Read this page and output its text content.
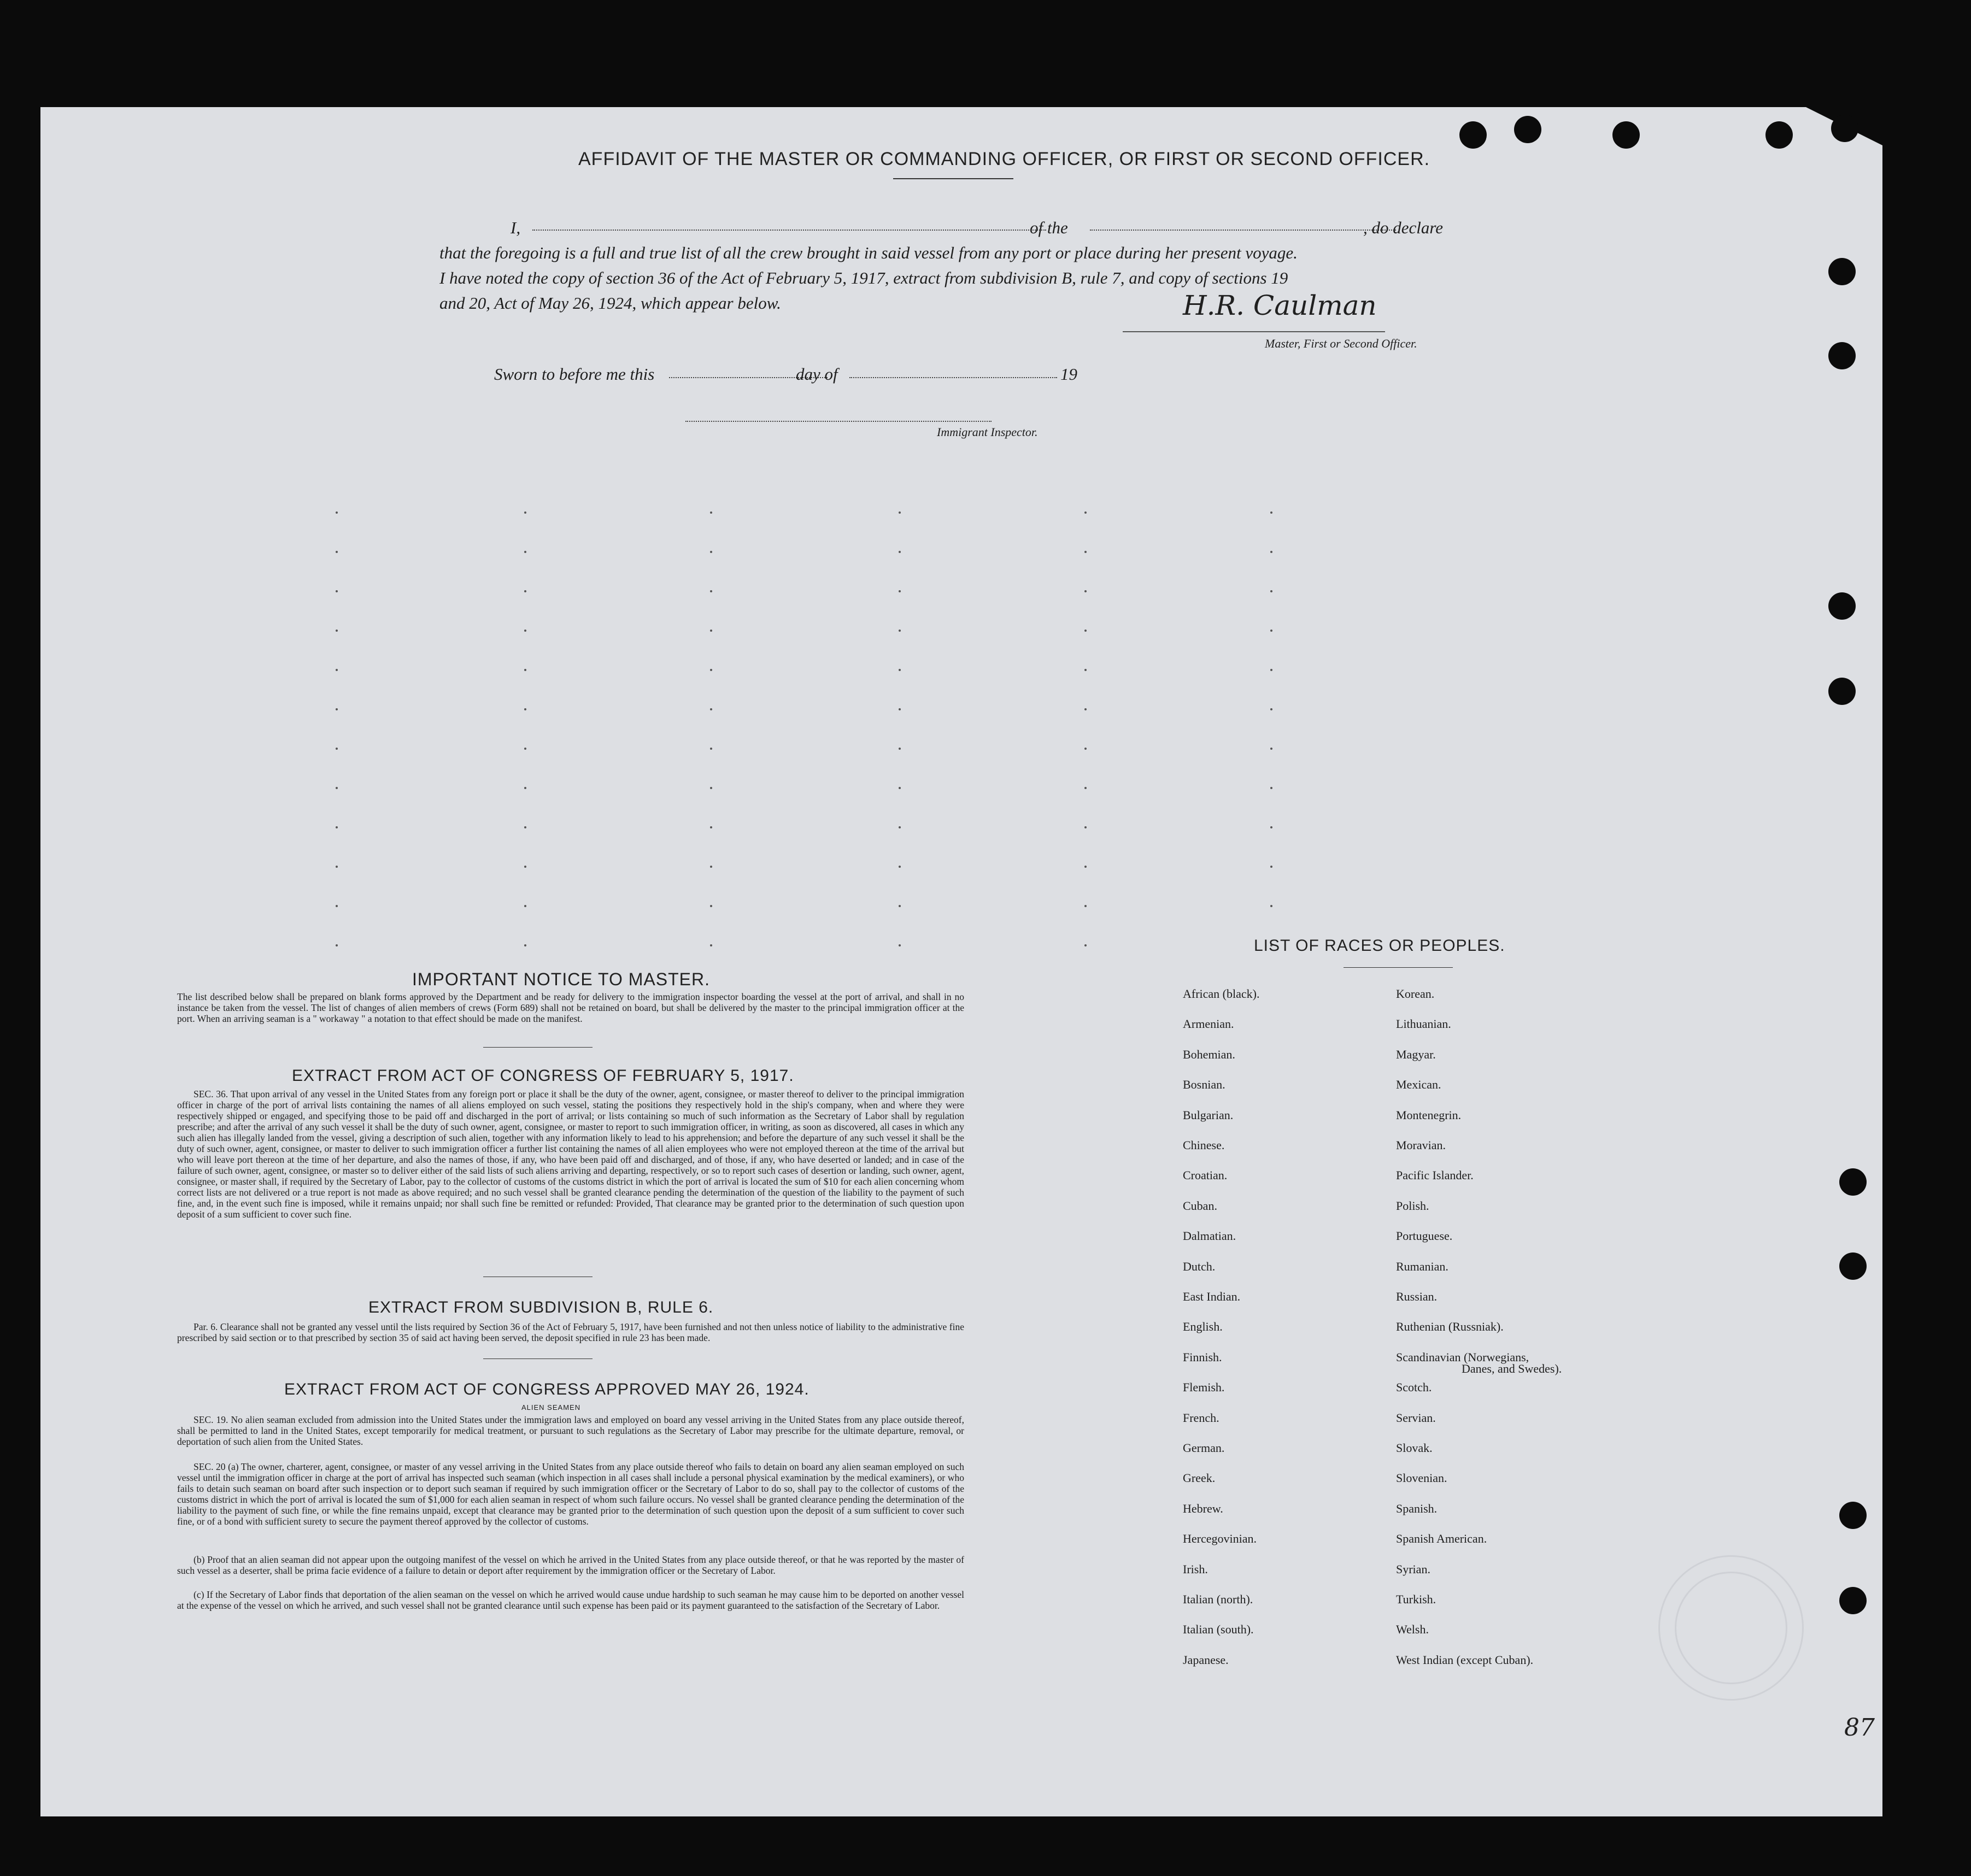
AFFIDAVIT OF THE MASTER OR COMMANDING OFFICER, OR FIRST OR SECOND OFFICER.
I,	of the	, do declare
that the foregoing is a full and true list of all the crew brought in said vessel from any port or place during her present voyage.
I have noted the copy of section 36 of the Act of February 5, 1917, extract from subdivision B, rule 7, and copy of sections 19
and 20, Act of May 26, 1924, which appear below.	H.R. Caulman
Master, First or Second Officer.
Sworn to before me this	day of	19
Immigrant Inspector.
IMPORTANT NOTICE TO MASTER.
The list described below shall be prepared on blank forms approved by the Department and be ready for delivery to the immigration inspector boarding the vessel at the port of arrival, and shall in no instance be taken from the vessel. The list of changes of alien members of crews (Form 689) shall not be retained on board, but shall be delivered by the master to the principal immigration officer at the port. When an arriving seaman is a " workaway " a notation to that effect should be made on the manifest.
EXTRACT FROM ACT OF CONGRESS OF FEBRUARY 5, 1917.
SEC. 36. That upon arrival of any vessel in the United States from any foreign port or place it shall be the duty of the owner, agent, consignee, or master thereof to deliver to the principal immigration officer in charge of the port of arrival lists containing the names of all aliens employed on such vessel, stating the positions they respectively hold in the ship's company, when and where they were respectively shipped or engaged, and specifying those to be paid off and discharged in the port of arrival; or lists containing so much of such information as the Secretary of Labor shall by regulation prescribe; and after the arrival of any such vessel it shall be the duty of such owner, agent, consignee, or master to report to such immigration officer, in writing, as soon as discovered, all cases in which any such alien has illegally landed from the vessel, giving a description of such alien, together with any information likely to lead to his apprehension; and before the departure of any such vessel it shall be the duty of such owner, agent, consignee, or master to deliver to such immigration officer a further list containing the names of all alien employees who were not employed thereon at the time of the arrival but who will leave port thereon at the time of her departure, and also the names of those, if any, who have been paid off and discharged, and of those, if any, who have deserted or landed; and in case of the failure of such owner, agent, consignee, or master so to deliver either of the said lists of such aliens arriving and departing, respectively, or so to report such cases of desertion or landing, such owner, agent, consignee, or master shall, if required by the Secretary of Labor, pay to the collector of customs of the customs district in which the port of arrival is located the sum of $10 for each alien concerning whom correct lists are not delivered or a true report is not made as above required; and no such vessel shall be granted clearance pending the determination of the question of the liability to the payment of such fine, and, in the event such fine is imposed, while it remains unpaid; nor shall such fine be remitted or refunded: Provided, That clearance may be granted prior to the determination of such question upon deposit of a sum sufficient to cover such fine.
EXTRACT FROM SUBDIVISION B, RULE 6.
Par. 6. Clearance shall not be granted any vessel until the lists required by Section 36 of the Act of February 5, 1917, have been furnished and not then unless notice of liability to the administrative fine prescribed by said section or to that prescribed by section 35 of said act having been served, the deposit specified in rule 23 has been made.
EXTRACT FROM ACT OF CONGRESS APPROVED MAY 26, 1924.
ALIEN SEAMEN
SEC. 19. No alien seaman excluded from admission into the United States under the immigration laws and employed on board any vessel arriving in the United States from any place outside thereof, shall be permitted to land in the United States, except temporarily for medical treatment, or pursuant to such regulations as the Secretary of Labor may prescribe for the ultimate departure, removal, or deportation of such alien from the United States.
SEC. 20 (a) The owner, charterer, agent, consignee, or master of any vessel arriving in the United States from any place outside thereof who fails to detain on board any alien seaman employed on such vessel until the immigration officer in charge at the port of arrival has inspected such seaman (which inspection in all cases shall include a personal physical examination by the medical examiners), or who fails to detain such seaman on board after such inspection or to deport such seaman if required by such immigration officer or the Secretary of Labor to do so, shall pay to the collector of customs of the customs district in which the port of arrival is located the sum of $1,000 for each alien seaman in respect of whom such failure occurs. No vessel shall be granted clearance pending the determination of the liability to the payment of such fine, or while the fine remains unpaid, except that clearance may be granted prior to the determination of such question upon the deposit of a sum sufficient to cover such fine, or of a bond with sufficient surety to secure the payment thereof approved by the collector of customs.
(b) Proof that an alien seaman did not appear upon the outgoing manifest of the vessel on which he arrived in the United States from any place outside thereof, or that he was reported by the master of such vessel as a deserter, shall be prima facie evidence of a failure to detain or deport after requirement by the immigration officer or the Secretary of Labor.
(c) If the Secretary of Labor finds that deportation of the alien seaman on the vessel on which he arrived would cause undue hardship to such seaman he may cause him to be deported on another vessel at the expense of the vessel on which he arrived, and such vessel shall not be granted clearance until such expense has been paid or its payment guaranteed to the satisfaction of the Secretary of Labor.
LIST OF RACES OR PEOPLES.
African (black).
Armenian.
Bohemian.
Bosnian.
Bulgarian.
Chinese.
Croatian.
Cuban.
Dalmatian.
Dutch.
East Indian.
English.
Finnish.
Flemish.
French.
German.
Greek.
Hebrew.
Hercegovinian.
Irish.
Italian (north).
Italian (south).
Japanese.
Korean.
Lithuanian.
Magyar.
Mexican.
Montenegrin.
Moravian.
Pacific Islander.
Polish.
Portuguese.
Rumanian.
Russian.
Ruthenian (Russniak).
Scandinavian (Norwegians,
Scotch.
Servian.
Slovak.
Slovenian.
Spanish.
Spanish American.
Syrian.
Turkish.
Welsh.
West Indian (except Cuban).
Danes, and Swedes).
87
